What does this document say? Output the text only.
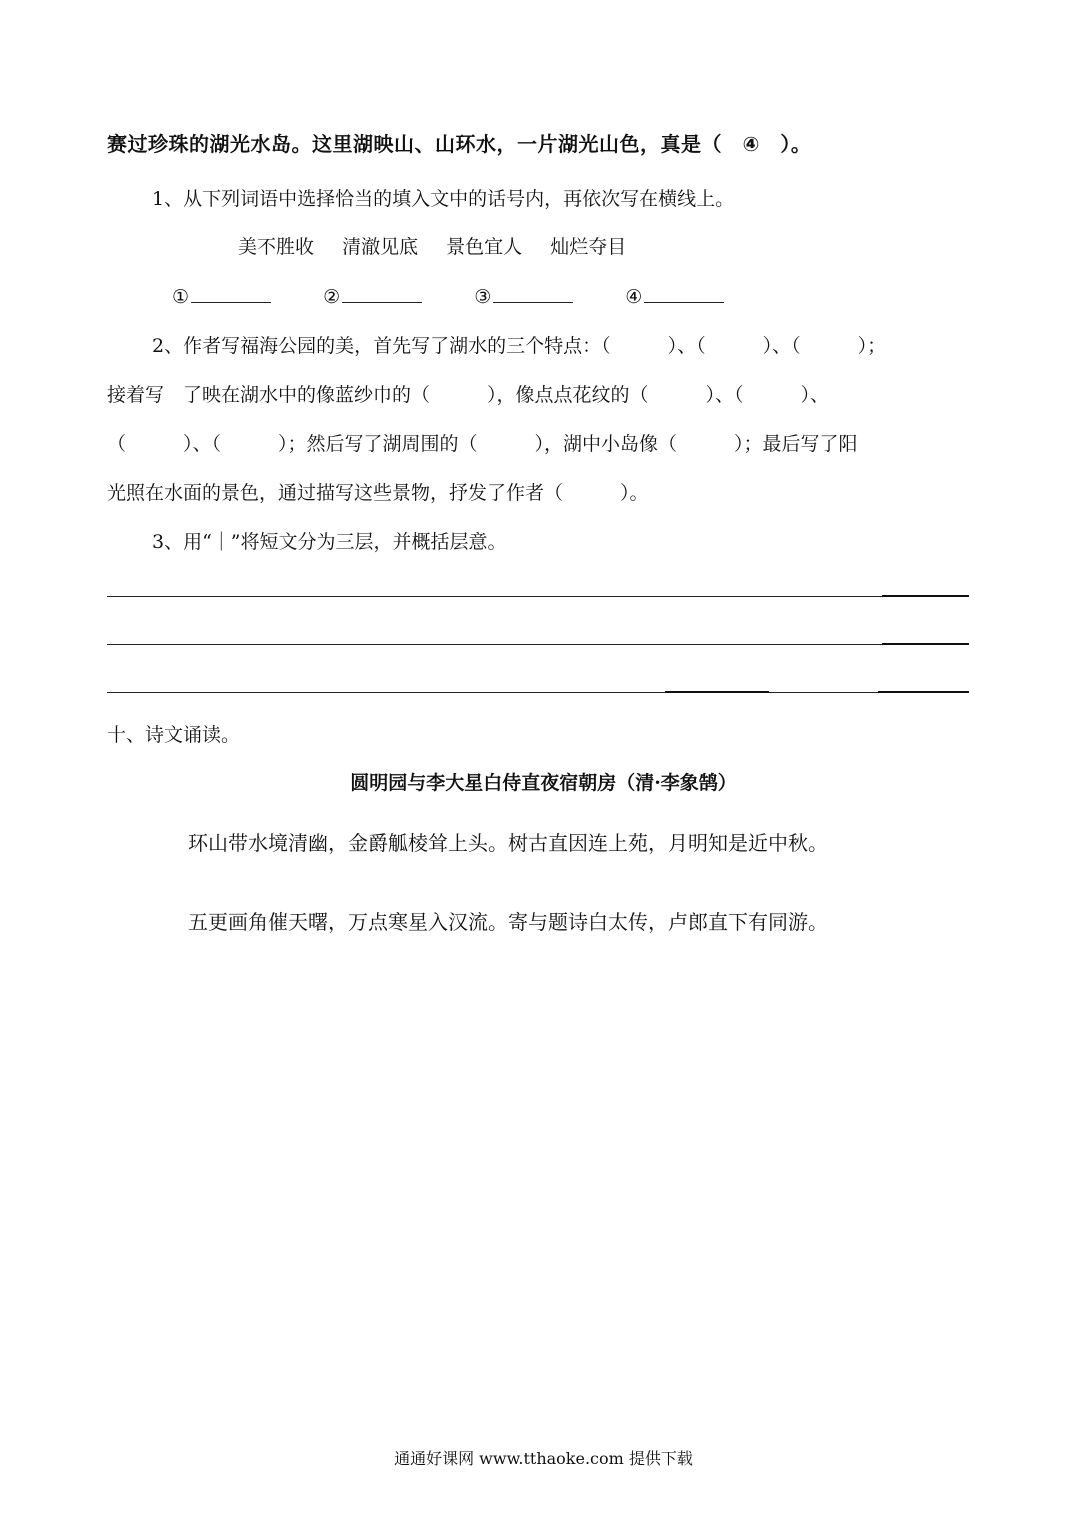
赛过珍珠的湖光水岛。这里湖映山、山环水，一片湖光山色，真是（　④　）。
1、从下列词语中选择恰当的填入文中的话号内，再依次写在横线上。
美不胜收 清澈见底 景色宜人 灿烂夺目
①	②	③	④
2、作者写福海公园的美，首先写了湖水的三个特点：（　　　）、（　　　）、（　　　）；
接着写　了映在湖水中的像蓝纱巾的（　　　），像点点花纹的（　　　）、（　　　）、
（　　　）、（　　　）；然后写了湖周围的（　　　），湖中小岛像（　　　）；最后写了阳
光照在水面的景色，通过描写这些景物，抒发了作者（　　　）。
3、用“｜”将短文分为三层，并概括层意。
十、诗文诵读。
圆明园与李大星白侍直夜宿朝房（清·李象鹄）
环山带水境清幽，金爵觚棱耸上头。树古直因连上苑，月明知是近中秋。
五更画角催天曙，万点寒星入汉流。寄与题诗白太传，卢郎直下有同游。
通通好课网 www.tthaoke.com 提供下载
